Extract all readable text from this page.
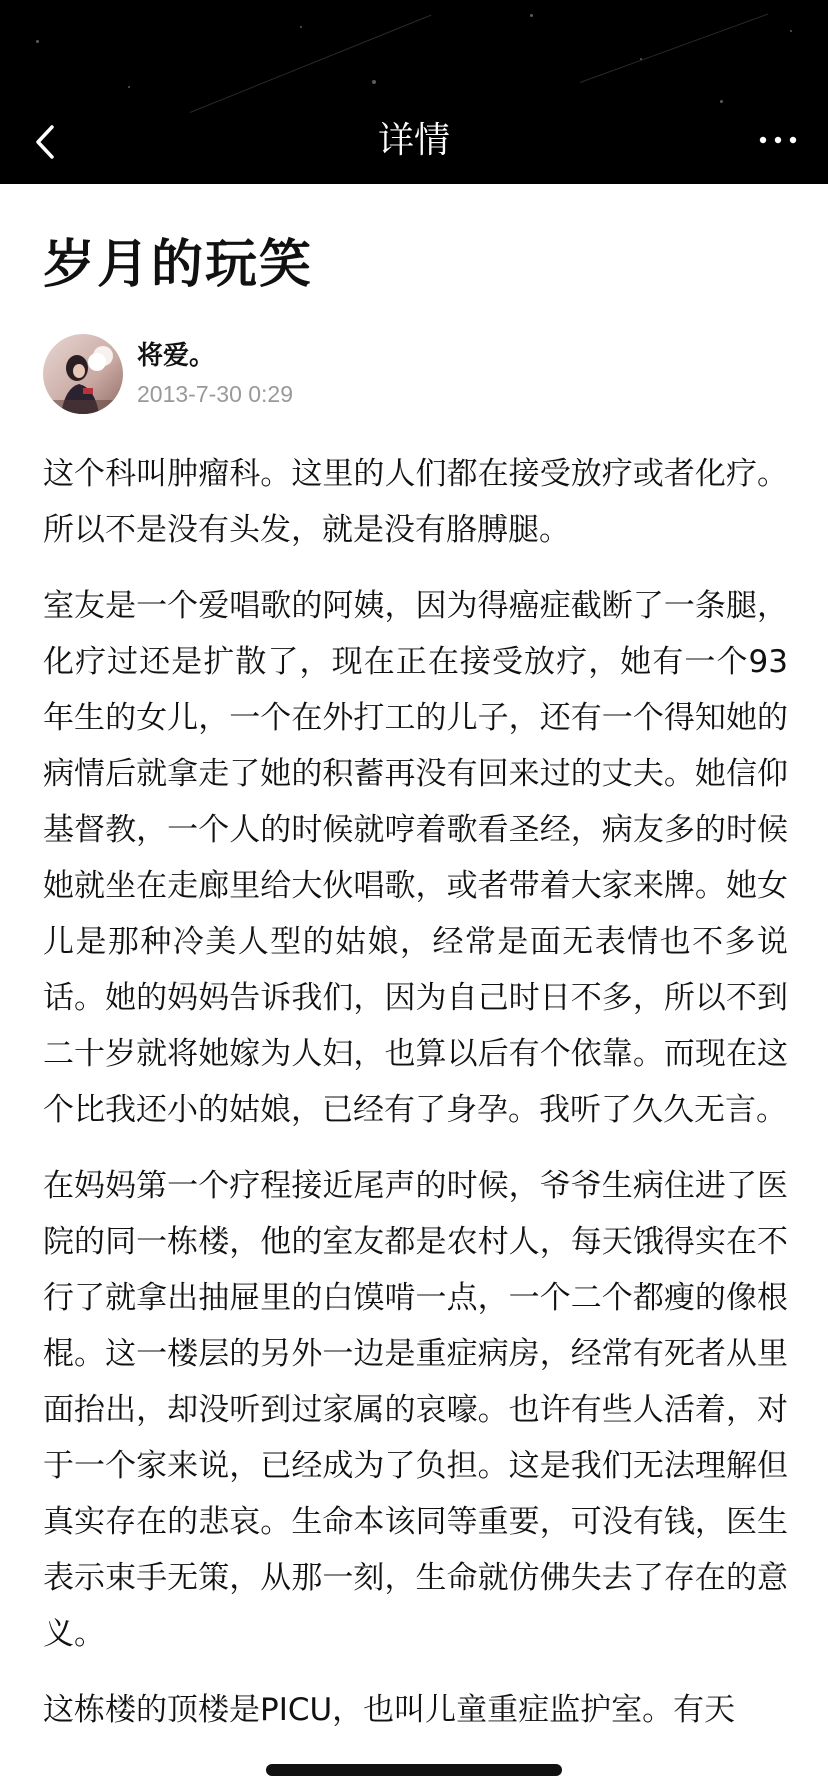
详情
岁月的玩笑
将爱。
2013-7-30 0:29

这个科叫肿瘤科。这里的人们都在接受放疗或者化疗。所以不是没有头发，就是没有胳膊腿。

室友是一个爱唱歌的阿姨，因为得癌症截断了一条腿，化疗过还是扩散了，现在正在接受放疗，她有一个93年生的女儿，一个在外打工的儿子，还有一个得知她的病情后就拿走了她的积蓄再没有回来过的丈夫。她信仰基督教，一个人的时候就哼着歌看圣经，病友多的时候她就坐在走廊里给大伙唱歌，或者带着大家来牌。她女儿是那种冷美人型的姑娘，经常是面无表情也不多说话。她的妈妈告诉我们，因为自己时日不多，所以不到二十岁就将她嫁为人妇，也算以后有个依靠。而现在这个比我还小的姑娘，已经有了身孕。我听了久久无言。

在妈妈第一个疗程接近尾声的时候，爷爷生病住进了医院的同一栋楼，他的室友都是农村人，每天饿得实在不行了就拿出抽屉里的白馍啃一点，一个二个都瘦的像根棍。这一楼层的另外一边是重症病房，经常有死者从里面抬出，却没听到过家属的哀嚎。也许有些人活着，对于一个家来说，已经成为了负担。这是我们无法理解但真实存在的悲哀。生命本该同等重要，可没有钱，医生表示束手无策，从那一刻，生命就仿佛失去了存在的意义。

这栋楼的顶楼是PICU，也叫儿童重症监护室。有天
